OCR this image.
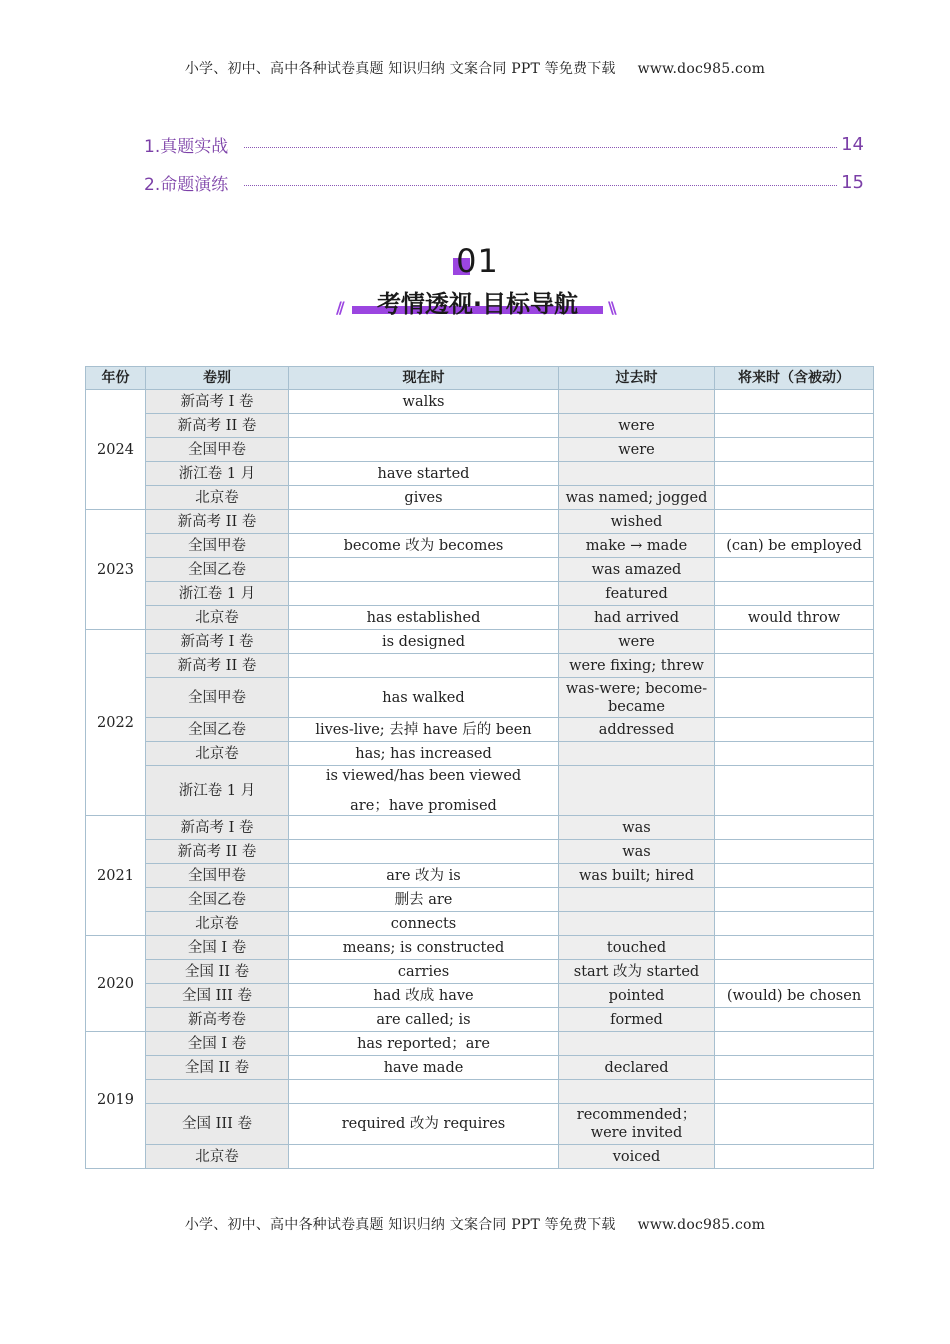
小学、初中、高中各种试卷真题 知识归纳 文案合同 PPT 等免费下载 www.doc985.com
1.真题实战	14
2.命题演练	15
01
考情透视·目标导航
//	\\
年份	卷别	现在时	过去时	将来时（含被动）
2024	新高考 I 卷	walks		

	新高考 II 卷		were	

	全国甲卷		were	

	浙江卷 1 月	have started		

	北京卷	gives	was named; jogged	

2023	新高考 II 卷		wished	

	全国甲卷	become 改为 becomes	make → made	(can) be employed
	全国乙卷		was amazed	

	浙江卷 1 月		featured	

	北京卷	has established	had arrived	would throw
2022	新高考 I 卷	is designed	were	

	新高考 II 卷		were fixing; threw	

	全国甲卷	has walked	was-were; become-
became	

	全国乙卷	lives-live; 去掉 have 后的 been	addressed	

	北京卷	has; has increased		

	浙江卷 1 月	is viewed/has been viewed
are；have promised		

2021	新高考 I 卷		was	

	新高考 II 卷		was	

	全国甲卷	are 改为 is	was built; hired	

	全国乙卷	删去 are		

	北京卷	connects		

2020	全国 I 卷	means; is constructed	touched	

	全国 II 卷	carries	start 改为 started	

	全国 III 卷	had 改成 have	pointed	(would) be chosen
	新高考卷	are called; is	formed	

2019	全国 I 卷	has reported；are		

	全国 II 卷	have made	declared	

	全国 III 卷	required 改为 requires	recommended；
were invited	

	北京卷		voiced	

小学、初中、高中各种试卷真题 知识归纳 文案合同 PPT 等免费下载 www.doc985.com
